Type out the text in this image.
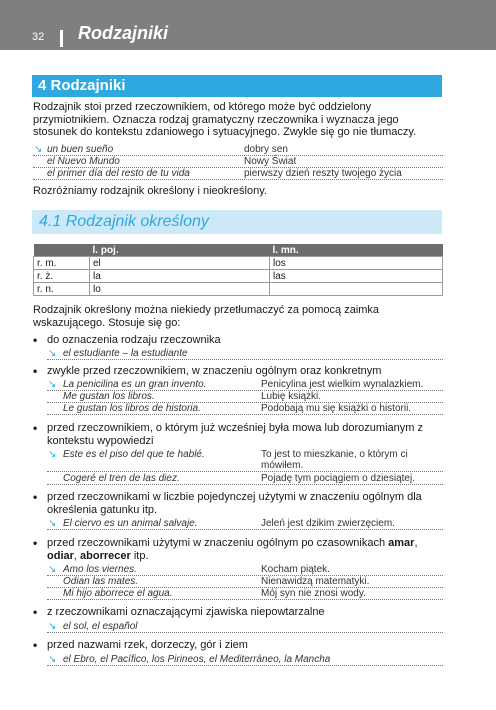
32 Rodzajniki
4 Rodzajniki
Rodzajnik stoi przed rzeczownikiem, od którego może być oddzielony przymiotnikiem. Oznacza rodzaj gramatyczny rzeczownika i wyznacza jego stosunek do kontekstu zdaniowego i sytuacyjnego. Zwykle się go nie tłumaczy.
↘ un buen sueño	dobry sen
el Nuevo Mundo	Nowy Świat
el primer día del resto de tu vida	pierwszy dzień reszty twojego życia
Rozróżniamy rodzajnik określony i nieokreślony.
4.1 Rodzajnik określony
	l. poj.	l. mn.
r. m.	el	los
r. ż.	la	las
r. n.	lo	
Rodzajnik określony można niekiedy przetłumaczyć za pomocą zaimka wskazującego. Stosuje się go:
• do oznaczenia rodzaju rzeczownika
↘ el estudiante – la estudiante
• zwykle przed rzeczownikiem, w znaczeniu ogólnym oraz konkretnym
↘ La penicilina es un gran invento.	Penicylina jest wielkim wynalazkiem.
Me gustan los libros.	Lubię książki.
Le gustan los libros de historia.	Podobają mu się książki o historii.
• przed rzeczownikiem, o którym już wcześniej była mowa lub dorozumianym z kontekstu wypowiedzi
↘ Este es el piso del que te hablé.	To jest to mieszkanie, o którym ci mówiłem.
Cogeré el tren de las diez.	Pojadę tym pociągiem o dziesiątej.
• przed rzeczownikami w liczbie pojedynczej użytymi w znaczeniu ogólnym dla określenia gatunku itp.
↘ El ciervo es un animal salvaje.	Jeleń jest dzikim zwierzęciem.
• przed rzeczownikami użytymi w znaczeniu ogólnym po czasownikach amar, odiar, aborrecer itp.
↘ Amo los viernes.	Kocham piątek.
Odian las mates.	Nienawidzą matematyki.
Mi hijo aborrece el agua.	Mój syn nie znosi wody.
• z rzeczownikami oznaczającymi zjawiska niepowtarzalne
↘ el sol, el español
• przed nazwami rzek, dorzeczy, gór i ziem
↘ el Ebro, el Pacífico, los Pirineos, el Mediterráneo, la Mancha
